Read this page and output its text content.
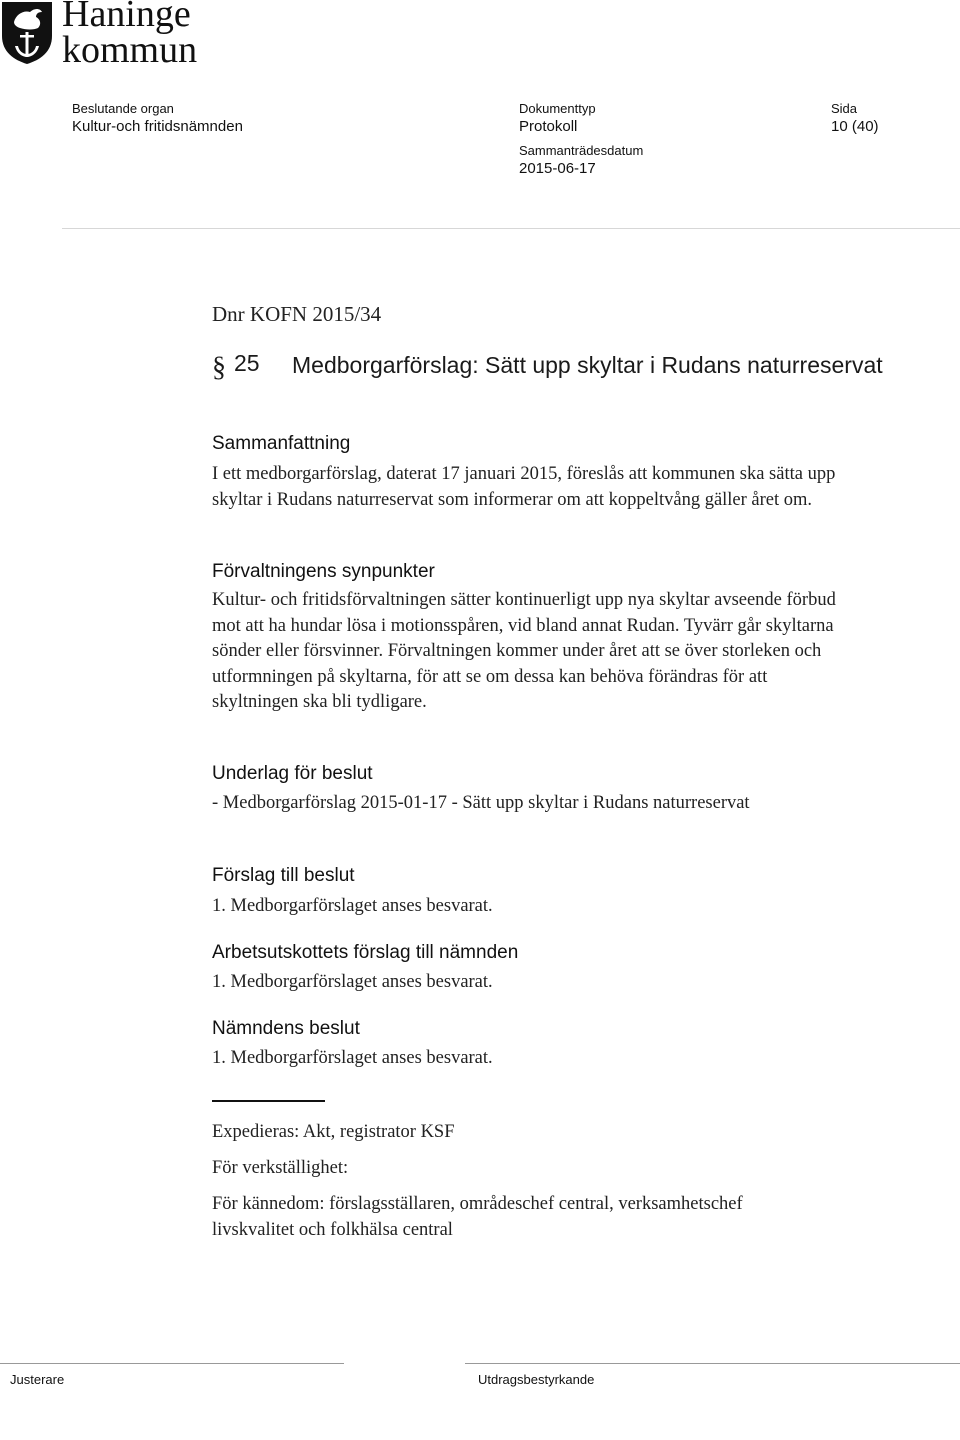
Haninge
kommun
Beslutande organ
Kultur-och fritidsnämnden
Dokumenttyp
Protokoll
Sida
10 (40)
Sammanträdesdatum
2015-06-17
Dnr KOFN 2015/34
§ 25 Medborgarförslag: Sätt upp skyltar i Rudans naturreservat
Sammanfattning

I ett medborgarförslag, daterat 17 januari 2015, föreslås att kommunen ska sätta upp skyltar i Rudans naturreservat som informerar om att koppeltvång gäller året om.

Förvaltningens synpunkter

Kultur- och fritidsförvaltningen sätter kontinuerligt upp nya skyltar avseende förbud mot att ha hundar lösa i motionsspåren, vid bland annat Rudan. Tyvärr går skyltarna sönder eller försvinner. Förvaltningen kommer under året att se över storleken och utformningen på skyltarna, för att se om dessa kan behöva förändras för att skyltningen ska bli tydligare.

Underlag för beslut

- Medborgarförslag 2015-01-17 - Sätt upp skyltar i Rudans naturreservat

Förslag till beslut

1. Medborgarförslaget anses besvarat.

Arbetsutskottets förslag till nämnden

1. Medborgarförslaget anses besvarat.

Nämndens beslut

1. Medborgarförslaget anses besvarat.

Expedieras: Akt, registrator KSF

För verkställighet:

För kännedom: förslagsställaren, områdeschef central, verksamhetschef livskvalitet och folkhälsa central

Justerare	Utdragsbestyrkande
